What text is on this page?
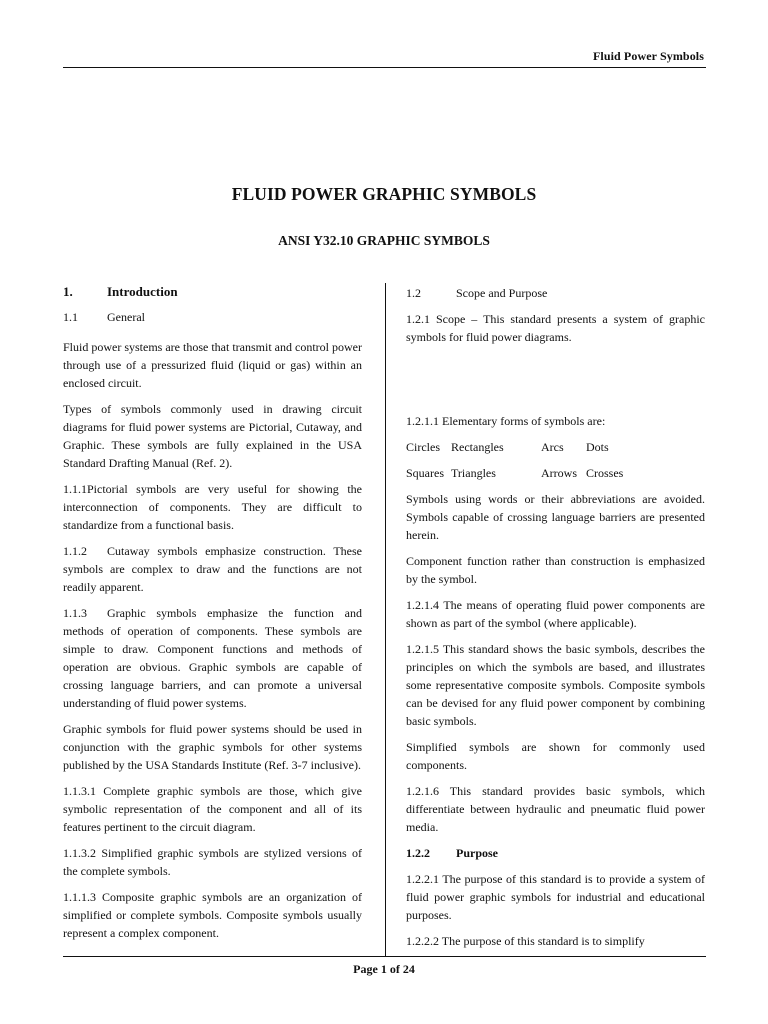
Fluid Power Symbols
FLUID POWER GRAPHIC SYMBOLS
ANSI Y32.10 GRAPHIC SYMBOLS

1.	Introduction

1.1 General

Fluid power systems are those that transmit and control power through use of a pressurized fluid (liquid or gas) within an enclosed circuit.

Types of symbols commonly used in drawing circuit diagrams for fluid power systems are Pictorial, Cutaway, and Graphic. These symbols are fully explained in the USA Standard Drafting Manual (Ref. 2).

1.1.1Pictorial symbols are very useful for showing the interconnection of components. They are difficult to standardize from a functional basis.

1.1.2 Cutaway symbols emphasize construction. These symbols are complex to draw and the functions are not readily apparent.

1.1.3 Graphic symbols emphasize the function and methods of operation of components. These symbols are simple to draw. Component functions and methods of operation are obvious. Graphic symbols are capable of crossing language barriers, and can promote a universal understanding of fluid power systems.

Graphic symbols for fluid power systems should be used in conjunction with the graphic symbols for other systems published by the USA Standards Institute (Ref. 3-7 inclusive).

1.1.3.1 Complete graphic symbols are those, which give symbolic representation of the component and all of its features pertinent to the circuit diagram.

1.1.3.2 Simplified graphic symbols are stylized versions of the complete symbols.

1.1.1.3 Composite graphic symbols are an organization of simplified or complete symbols. Composite symbols usually represent a complex component.

1.2	Scope and Purpose

1.2.1 Scope – This standard presents a system of graphic symbols for fluid power diagrams.

1.2.1.1 Elementary forms of symbols are:

Circles Rectangles	Arcs Dots

Squares Triangles	Arrows Crosses

Symbols using words or their abbreviations are avoided. Symbols capable of crossing language barriers are presented herein.

Component function rather than construction is emphasized by the symbol.

1.2.1.4 The means of operating fluid power components are shown as part of the symbol (where applicable).

1.2.1.5 This standard shows the basic symbols, describes the principles on which the symbols are based, and illustrates some representative composite symbols. Composite symbols can be devised for any fluid power component by combining basic symbols.

Simplified symbols are shown for commonly used components.

1.2.1.6 This standard provides basic symbols, which differentiate between hydraulic and pneumatic fluid power media.

1.2.2 Purpose

1.2.2.1 The purpose of this standard is to provide a system of fluid power graphic symbols for industrial and educational purposes.

1.2.2.2 The purpose of this standard is to simplify

Page 1 of 24
